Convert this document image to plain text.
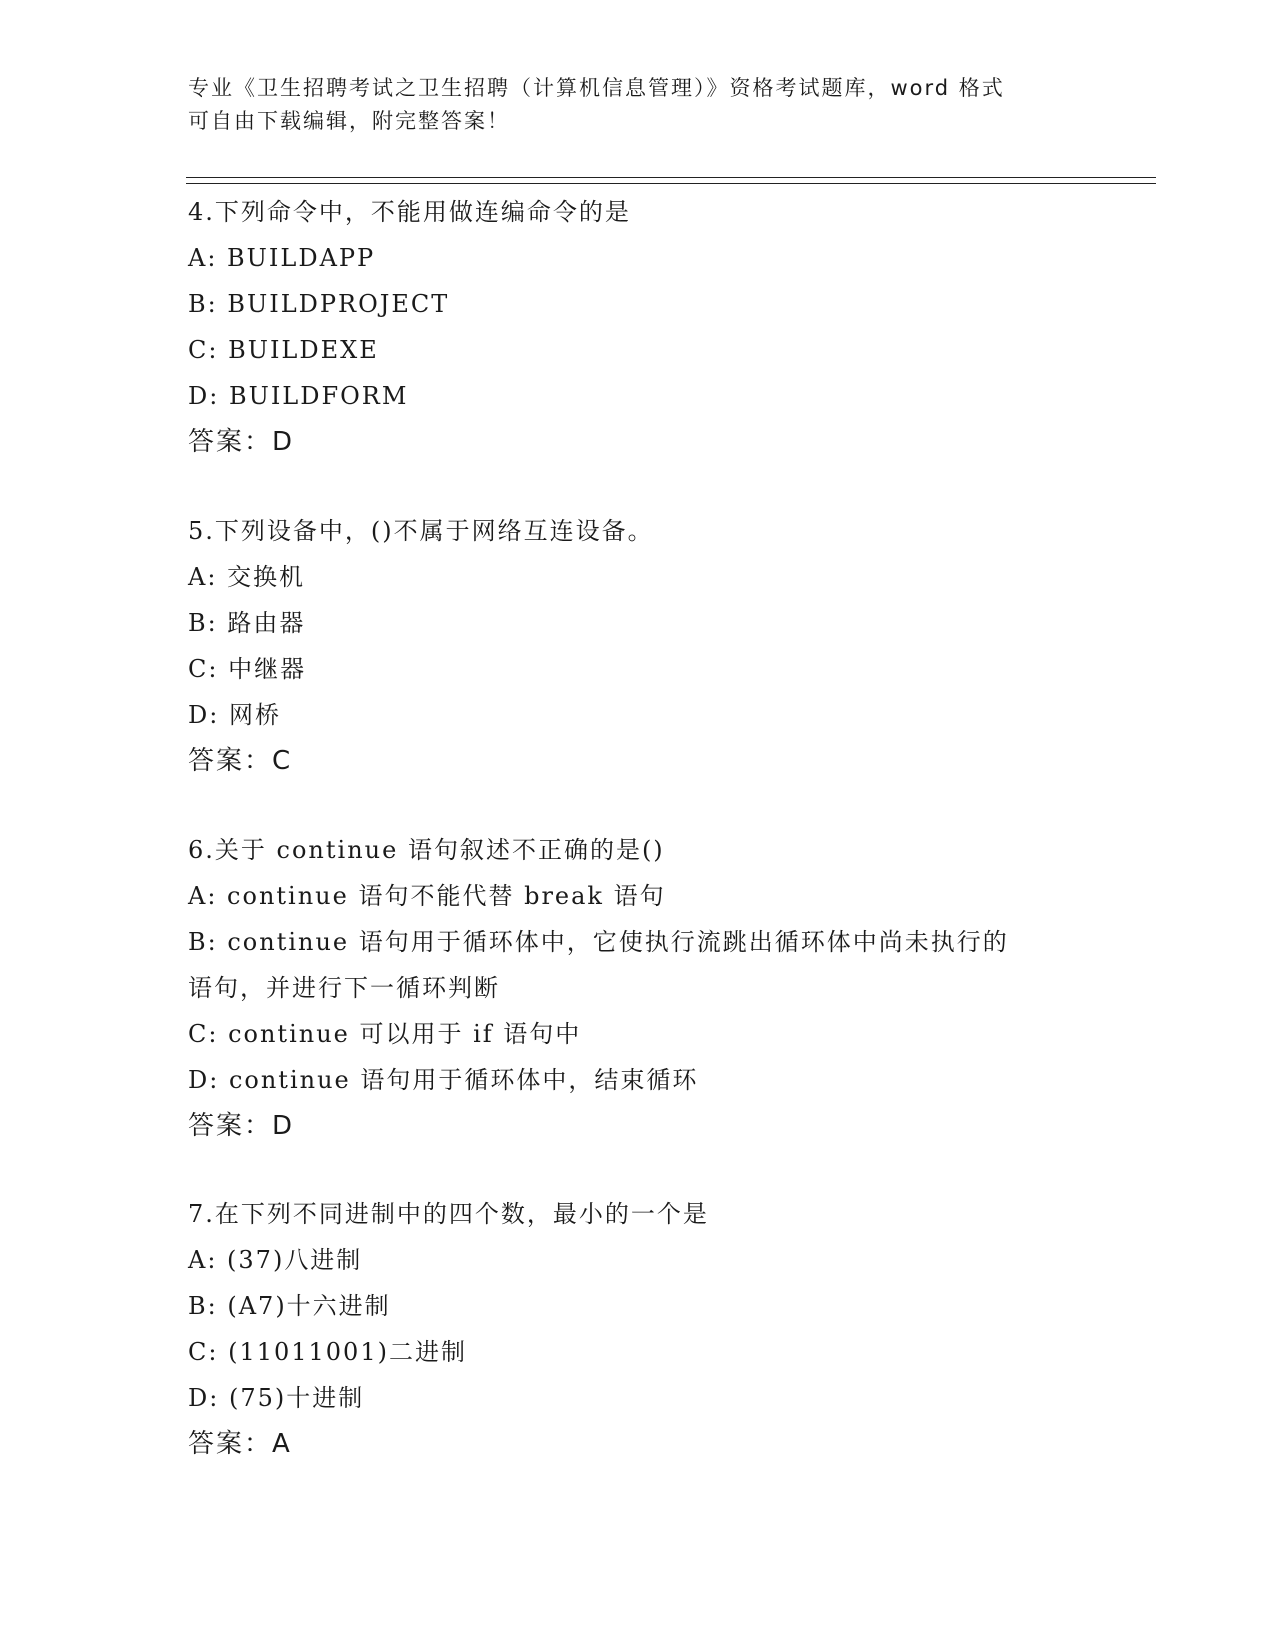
专业《卫生招聘考试之卫生招聘（计算机信息管理）》资格考试题库，word 格式
可自由下载编辑，附完整答案！
4.下列命令中，不能用做连编命令的是
A: BUILDAPP
B: BUILDPROJECT
C: BUILDEXE
D: BUILDFORM
答案：D
5.下列设备中，()不属于网络互连设备。
A: 交换机
B: 路由器
C: 中继器
D: 网桥
答案：C
6.关于 continue 语句叙述不正确的是()
A: continue 语句不能代替 break 语句
B: continue 语句用于循环体中，它使执行流跳出循环体中尚未执行的
语句，并进行下一循环判断
C: continue 可以用于 if 语句中
D: continue 语句用于循环体中，结束循环
答案：D
7.在下列不同进制中的四个数，最小的一个是
A: (37)八进制
B: (A7)十六进制
C: (11011001)二进制
D: (75)十进制
答案：A
